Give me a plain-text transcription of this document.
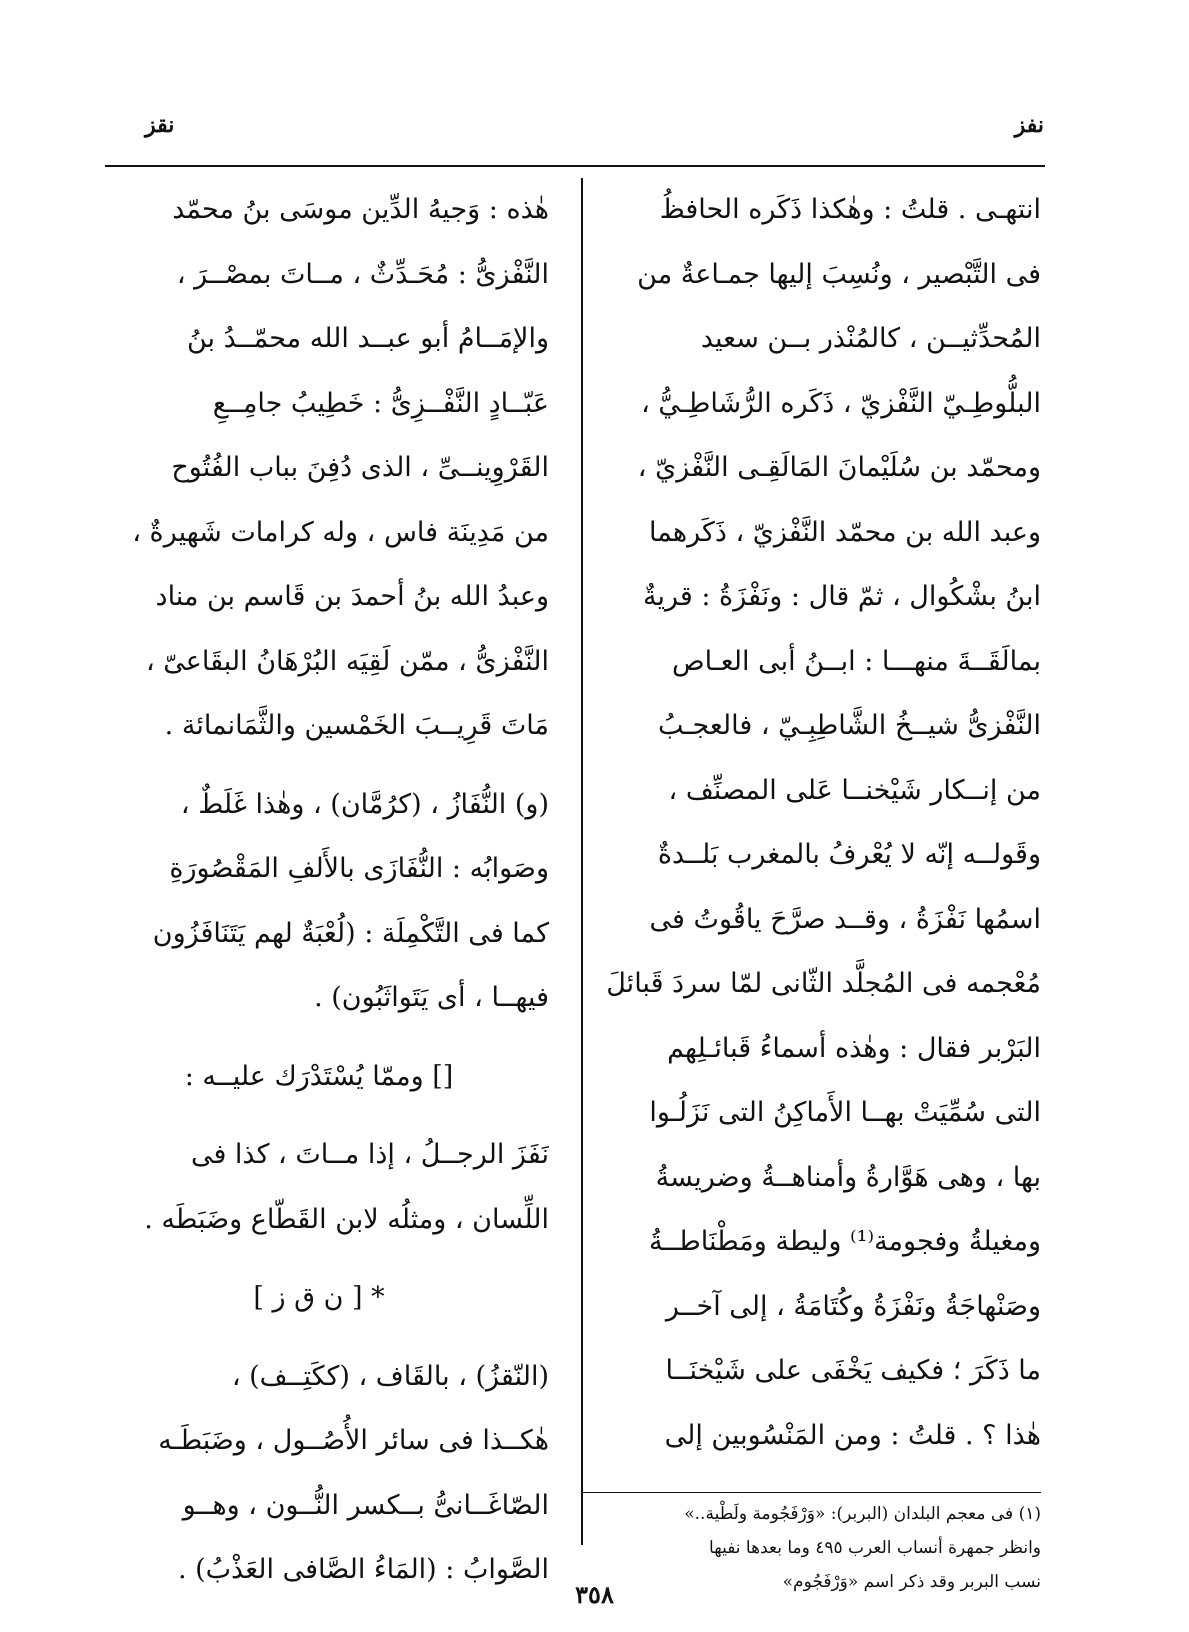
نفز
نقز
انتهـى . قلتُ : وهٰكذا ذَكَره الحافظُ
فى التَّبْصير ، ونُسِبَ إليها جمـاعةٌ من
المُحدِّثيــن ، كالمُنْذر بــن سعيد
البلُّوطِـيّ النَّفْزيّ ، ذَكَره الرُّشَاطِـيُّ ،
ومحمّد بن سُلَيْمانَ المَالَقِـى النَّفْزيّ ،
وعبد الله بن محمّد النَّفْزيّ ، ذَكَرهما
ابنُ بشْكُوال ، ثمّ قال : ونَفْزَةُ : قريةٌ
بمالَقَــةَ منهـــا : ابــنُ أبى العـاص
النَّفْزىُّ شيــخُ الشَّاطِبِـيّ ، فالعجـبُ
من إنــكار شَيْخنــا عَلى المصنِّف ،
وقَولــه إنّه لا يُعْرفُ بالمغرب بَلــدةٌ
اسمُها نَفْزَةُ ، وقــد صرَّحَ ياقُوتُ فى
مُعْجمه فى المُجلَّد الثّانى لمّا سردَ قَبائلَ
البَرْبر فقال : وهٰذه أسماءُ قَبائـلِهم
التى سُمِّيَتْ بهــا الأَماكِنُ التى نَزَلُـوا
بها ، وهى هَوَّارةُ وأمناهــةُ وضريسةُ
ومغيلةُ وفجومة⁽¹⁾ وليطة ومَطْنَاطــةُ
وصَنْهاجَةُ ونَفْزَةُ وكُتَامَةُ ، إلى آخــر
ما ذَكَرَ ؛ فكيف يَخْفَى على شَيْخنَــا
هٰذا ؟ . قلتُ : ومن المَنْسُوبين إلى
هٰذه : وَجيهُ الدِّين موسَى بنُ محمّد
النَّفْزىُّ : مُحَـدِّثٌ ، مــاتَ بمصْــرَ ،
والإمَــامُ أبو عبــد الله محمّــدُ بنُ
عَبّــادٍ النَّفْــزِىُّ : خَطِيبُ جامِــعِ
القَرْوِينــىِّ ، الذى دُفِنَ بباب الفُتُوح
من مَدِينَة فاس ، وله كرامات شَهيرةٌ ،
وعبدُ الله بنُ أحمدَ بن قَاسم بن مناد
النَّفْزىُّ ، ممّن لَقِيَه البُرْهَانُ البقَاعىّ ،
مَاتَ قَرِيــبَ الخَمْسين والثَّمَانمائة .
(و) النُّفَازُ ، (كرُمَّان) ، وهٰذا غَلَطٌ ،
وصَوابُه : النُّفَازَى بالأَلفِ المَقْصُورَةِ
كما فى التَّكْمِلَة : (لُعْبَةٌ لهم يَتَنَافَزُون
فيهــا ، أى يَتَواثَبُون) .
[] وممّا يُسْتَدْرَك عليــه :
نَفَزَ الرجــلُ ، إذا مــاتَ ، كذا فى
اللِّسان ، ومثلُه لابن القَطّاع وضَبَطَه .
* [ ن ق ز ]
(النّقزُ) ، بالقَاف ، (ككَتِــف) ،
هٰكــذا فى سائر الأُصُــول ، وضَبَطَـه
الصّاغَــانىُّ بــكسر النُّــون ، وهــو
الصَّوابُ : (المَاءُ الصَّافى العَذْبُ) .
(١) فى معجم البلدان (البربر): «وَرْفَجُومة ولَطْية..»
وانظر جمهرة أنساب العرب ٤٩٥ وما بعدها نفيها
نسب البربر وقد ذكر اسم «وَرْفَجُوم»
٣٥٨
